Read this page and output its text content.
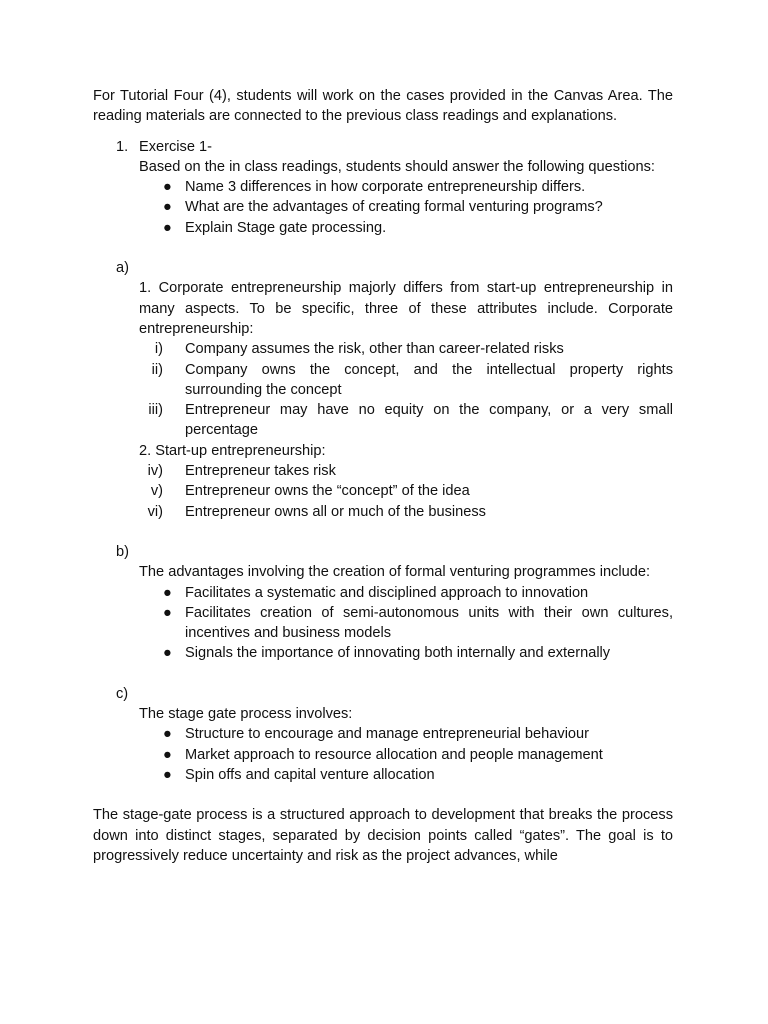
For Tutorial Four (4), students will work on the cases provided in the Canvas Area. The reading materials are connected to the previous class readings and explanations.

1. Exercise 1-

Based on the in class readings, students should answer the following questions:

● Name 3 differences in how corporate entrepreneurship differs.
● What are the advantages of creating formal venturing programs?
● Explain Stage gate processing.
a)

1. Corporate entrepreneurship majorly differs from start-up entrepreneurship in many aspects. To be specific, three of these attributes include. Corporate entrepreneurship:

i) Company assumes the risk, other than career-related risks
ii) Company owns the concept, and the intellectual property rights surrounding the concept
iii) Entrepreneur may have no equity on the company, or a very small percentage
2. Start-up entrepreneurship:
iv) Entrepreneur takes risk
v) Entrepreneur owns the “concept” of the idea
vi) Entrepreneur owns all or much of the business
b)

The advantages involving the creation of formal venturing programmes include:

● Facilitates a systematic and disciplined approach to innovation
● Facilitates creation of semi-autonomous units with their own cultures, incentives and business models
● Signals the importance of innovating both internally and externally
c)

The stage gate process involves:

● Structure to encourage and manage entrepreneurial behaviour
● Market approach to resource allocation and people management
● Spin offs and capital venture allocation

The stage-gate process is a structured approach to development that breaks the process down into distinct stages, separated by decision points called “gates”. The goal is to progressively reduce uncertainty and risk as the project advances, while
